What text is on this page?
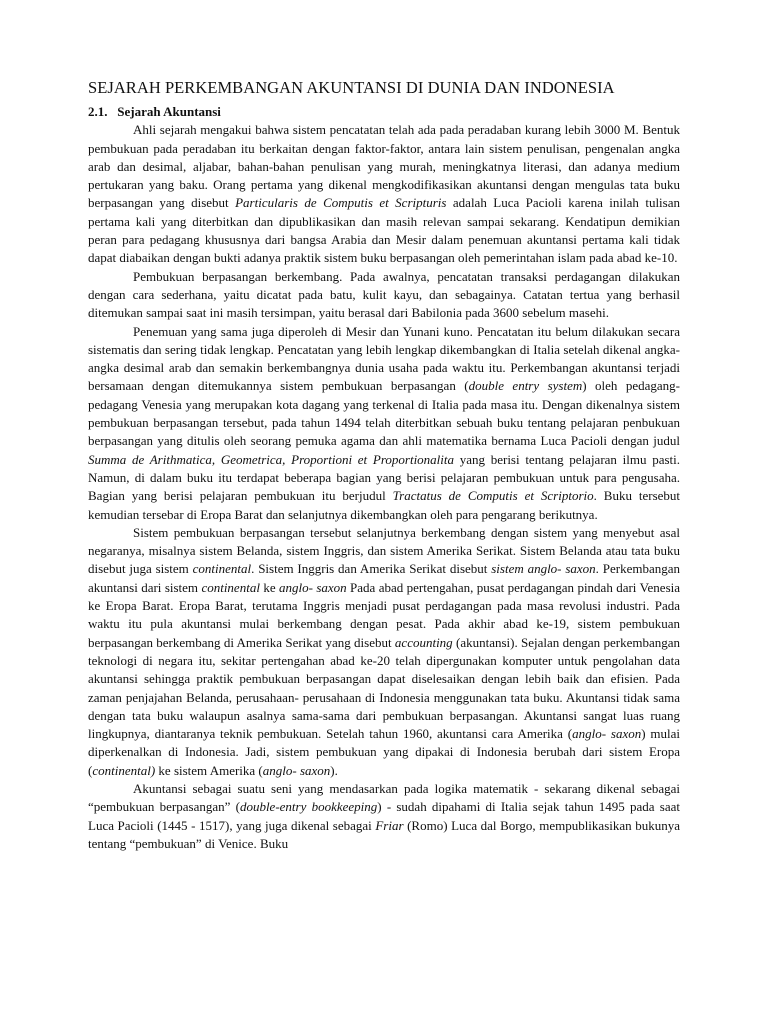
SEJARAH PERKEMBANGAN AKUNTANSI DI DUNIA DAN INDONESIA
2.1. Sejarah Akuntansi

Ahli sejarah mengakui bahwa sistem pencatatan telah ada pada peradaban kurang lebih 3000 M. Bentuk pembukuan pada peradaban itu berkaitan dengan faktor-faktor, antara lain sistem penulisan, pengenalan angka arab dan desimal, aljabar, bahan-bahan penulisan yang murah, meningkatnya literasi, dan adanya medium pertukaran yang baku. Orang pertama yang dikenal mengkodifikasikan akuntansi dengan mengulas tata buku berpasangan yang disebut Particularis de Computis et Scripturis adalah Luca Pacioli karena inilah tulisan pertama kali yang diterbitkan dan dipublikasikan dan masih relevan sampai sekarang. Kendatipun demikian peran para pedagang khususnya dari bangsa Arabia dan Mesir dalam penemuan akuntansi pertama kali tidak dapat diabaikan dengan bukti adanya praktik sistem buku berpasangan oleh pemerintahan islam pada abad ke-10.

Pembukuan berpasangan berkembang. Pada awalnya, pencatatan transaksi perdagangan dilakukan dengan cara sederhana, yaitu dicatat pada batu, kulit kayu, dan sebagainya. Catatan tertua yang berhasil ditemukan sampai saat ini masih tersimpan, yaitu berasal dari Babilonia pada 3600 sebelum masehi.

Penemuan yang sama juga diperoleh di Mesir dan Yunani kuno. Pencatatan itu belum dilakukan secara sistematis dan sering tidak lengkap. Pencatatan yang lebih lengkap dikembangkan di Italia setelah dikenal angka- angka desimal arab dan semakin berkembangnya dunia usaha pada waktu itu. Perkembangan akuntansi terjadi bersamaan dengan ditemukannya sistem pembukuan berpasangan (double entry system) oleh pedagang- pedagang Venesia yang merupakan kota dagang yang terkenal di Italia pada masa itu. Dengan dikenalnya sistem pembukuan berpasangan tersebut, pada tahun 1494 telah diterbitkan sebuah buku tentang pelajaran penbukuan berpasangan yang ditulis oleh seorang pemuka agama dan ahli matematika bernama Luca Pacioli dengan judul Summa de Arithmatica, Geometrica, Proportioni et Proportionalita yang berisi tentang pelajaran ilmu pasti. Namun, di dalam buku itu terdapat beberapa bagian yang berisi pelajaran pembukuan untuk para pengusaha. Bagian yang berisi pelajaran pembukuan itu berjudul Tractatus de Computis et Scriptorio. Buku tersebut kemudian tersebar di Eropa Barat dan selanjutnya dikembangkan oleh para pengarang berikutnya.

Sistem pembukuan berpasangan tersebut selanjutnya berkembang dengan sistem yang menyebut asal negaranya, misalnya sistem Belanda, sistem Inggris, dan sistem Amerika Serikat. Sistem Belanda atau tata buku disebut juga sistem continental. Sistem Inggris dan Amerika Serikat disebut sistem anglo- saxon. Perkembangan akuntansi dari sistem continental ke anglo- saxon Pada abad pertengahan, pusat perdagangan pindah dari Venesia ke Eropa Barat. Eropa Barat, terutama Inggris menjadi pusat perdagangan pada masa revolusi industri. Pada waktu itu pula akuntansi mulai berkembang dengan pesat. Pada akhir abad ke-19, sistem pembukuan berpasangan berkembang di Amerika Serikat yang disebut accounting (akuntansi). Sejalan dengan perkembangan teknologi di negara itu, sekitar pertengahan abad ke-20 telah dipergunakan komputer untuk pengolahan data akuntansi sehingga praktik pembukuan berpasangan dapat diselesaikan dengan lebih baik dan efisien. Pada zaman penjajahan Belanda, perusahaan- perusahaan di Indonesia menggunakan tata buku. Akuntansi tidak sama dengan tata buku walaupun asalnya sama-sama dari pembukuan berpasangan. Akuntansi sangat luas ruang lingkupnya, diantaranya teknik pembukuan. Setelah tahun 1960, akuntansi cara Amerika (anglo- saxon) mulai diperkenalkan di Indonesia. Jadi, sistem pembukuan yang dipakai di Indonesia berubah dari sistem Eropa (continental) ke sistem Amerika (anglo- saxon).

Akuntansi sebagai suatu seni yang mendasarkan pada logika matematik - sekarang dikenal sebagai “pembukuan berpasangan” (double-entry bookkeeping) - sudah dipahami di Italia sejak tahun 1495 pada saat Luca Pacioli (1445 - 1517), yang juga dikenal sebagai Friar (Romo) Luca dal Borgo, mempublikasikan bukunya tentang “pembukuan” di Venice. Buku
